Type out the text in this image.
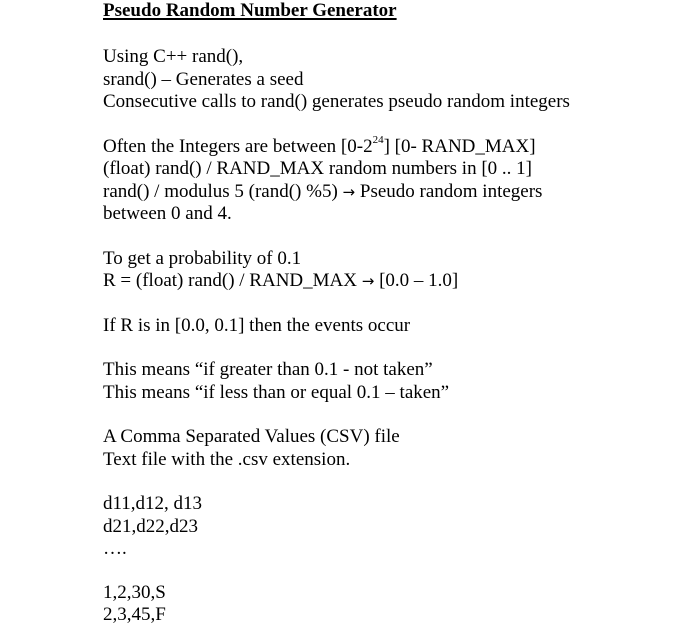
Pseudo Random Number Generator
Using C++ rand(),
srand() – Generates a seed
Consecutive calls to rand() generates pseudo random integers
Often the Integers are between $[0-2^{24}]$ [0- RAND_MAX]
(float) rand() / RAND_MAX random numbers in [0 .. 1]
rand() / modulus 5 (rand() %5) → Pseudo random integers
between 0 and 4.
To get a probability of 0.1
R = (float) rand() / RAND_MAX → [0.0 – 1.0]
If R is in [0.0, 0.1] then the events occur
This means “if greater than 0.1 - not taken”
This means “if less than or equal 0.1 – taken”
A Comma Separated Values (CSV) file
Text file with the .csv extension.
d11,d12, d13
d21,d22,d23
….
1,2,30,S
2,3,45,F
